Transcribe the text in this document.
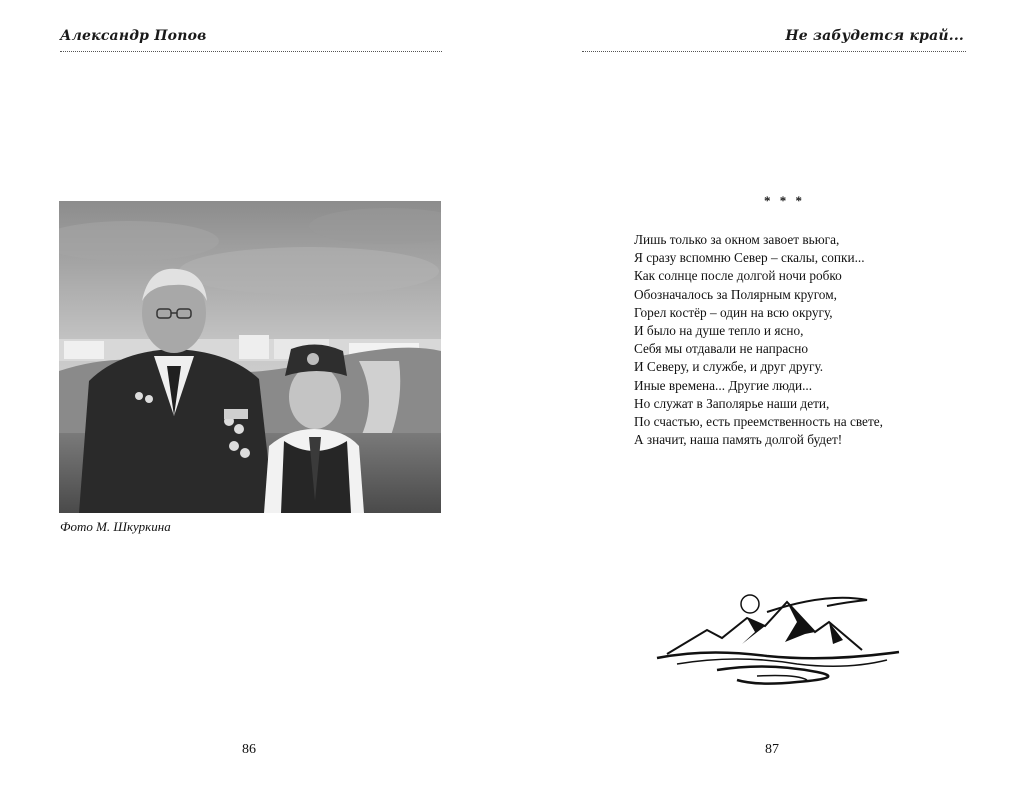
Александр Попов
Фото М. Шкуркина
86
Не забудется край...
* * *
Лишь только за окном завоет вьюга,
Я сразу вспомню Север – скалы, сопки...
Как солнце после долгой ночи робко
Обозначалось за Полярным кругом,
Горел костёр – один на всю округу,
И было на душе тепло и ясно,
Себя мы отдавали не напрасно
И Северу, и службе, и друг другу.
Иные времена... Другие люди...
Но служат в Заполярье наши дети,
По счастью, есть преемственность на свете,
А значит, наша память долгой будет!
87
